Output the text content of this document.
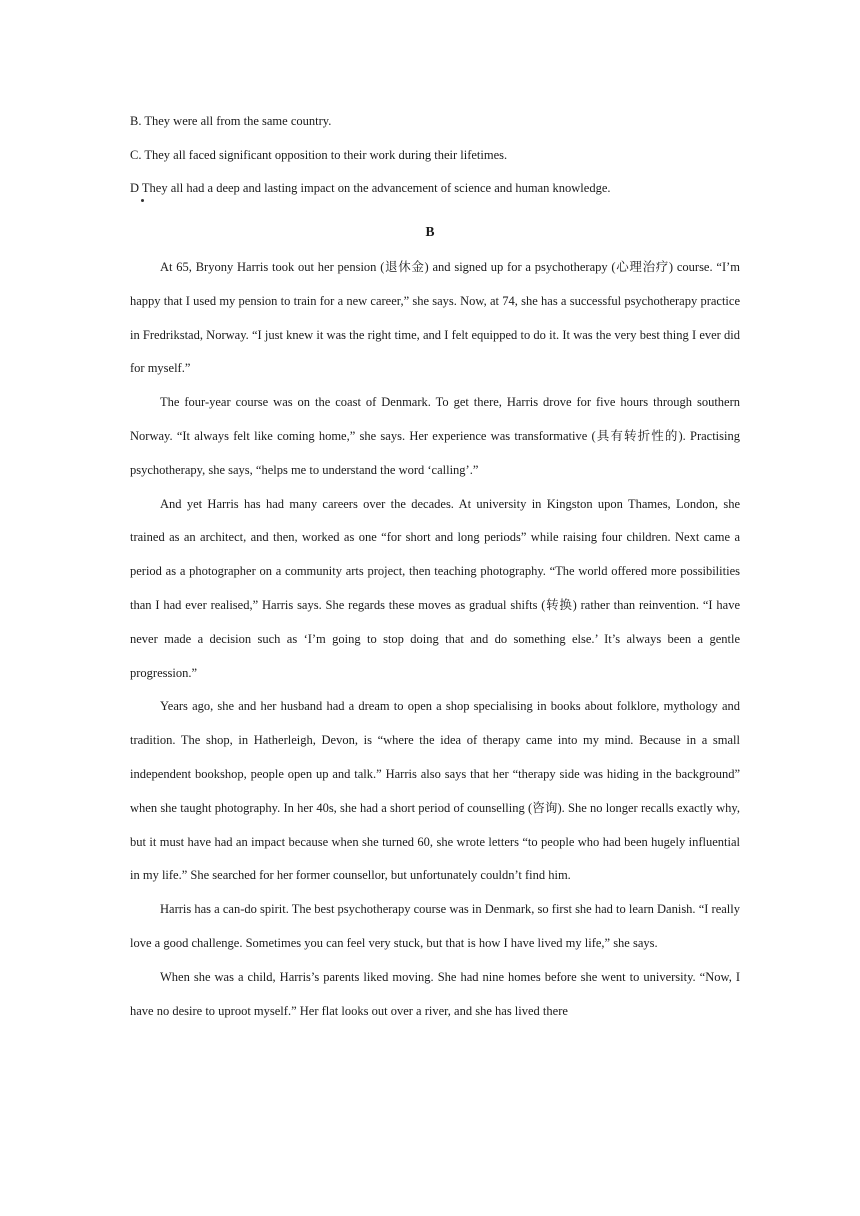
B. They were all from the same country.
C. They all faced significant opposition to their work during their lifetimes.
D They all had a deep and lasting impact on the advancement of science and human knowledge.
B

At 65, Bryony Harris took out her pension (退休金) and signed up for a psychotherapy (心理治疗) course. “I’m happy that I used my pension to train for a new career,” she says. Now, at 74, she has a successful psychotherapy practice in Fredrikstad, Norway. “I just knew it was the right time, and I felt equipped to do it. It was the very best thing I ever did for myself.”

The four-year course was on the coast of Denmark. To get there, Harris drove for five hours through southern Norway. “It always felt like coming home,” she says. Her experience was transformative (具有转折性的). Practising psychotherapy, she says, “helps me to understand the word ‘calling’.”

And yet Harris has had many careers over the decades. At university in Kingston upon Thames, London, she trained as an architect, and then, worked as one “for short and long periods” while raising four children. Next came a period as a photographer on a community arts project, then teaching photography. “The world offered more possibilities than I had ever realised,” Harris says. She regards these moves as gradual shifts (转换) rather than reinvention. “I have never made a decision such as ‘I’m going to stop doing that and do something else.’ It’s always been a gentle progression.”

Years ago, she and her husband had a dream to open a shop specialising in books about folklore, mythology and tradition. The shop, in Hatherleigh, Devon, is “where the idea of therapy came into my mind. Because in a small independent bookshop, people open up and talk.” Harris also says that her “therapy side was hiding in the background” when she taught photography. In her 40s, she had a short period of counselling (咨询). She no longer recalls exactly why, but it must have had an impact because when she turned 60, she wrote letters “to people who had been hugely influential in my life.” She searched for her former counsellor, but unfortunately couldn’t find him.

Harris has a can-do spirit. The best psychotherapy course was in Denmark, so first she had to learn Danish. “I really love a good challenge. Sometimes you can feel very stuck, but that is how I have lived my life,” she says.

When she was a child, Harris’s parents liked moving. She had nine homes before she went to university. “Now, I have no desire to uproot myself.” Her flat looks out over a river, and she has lived there
